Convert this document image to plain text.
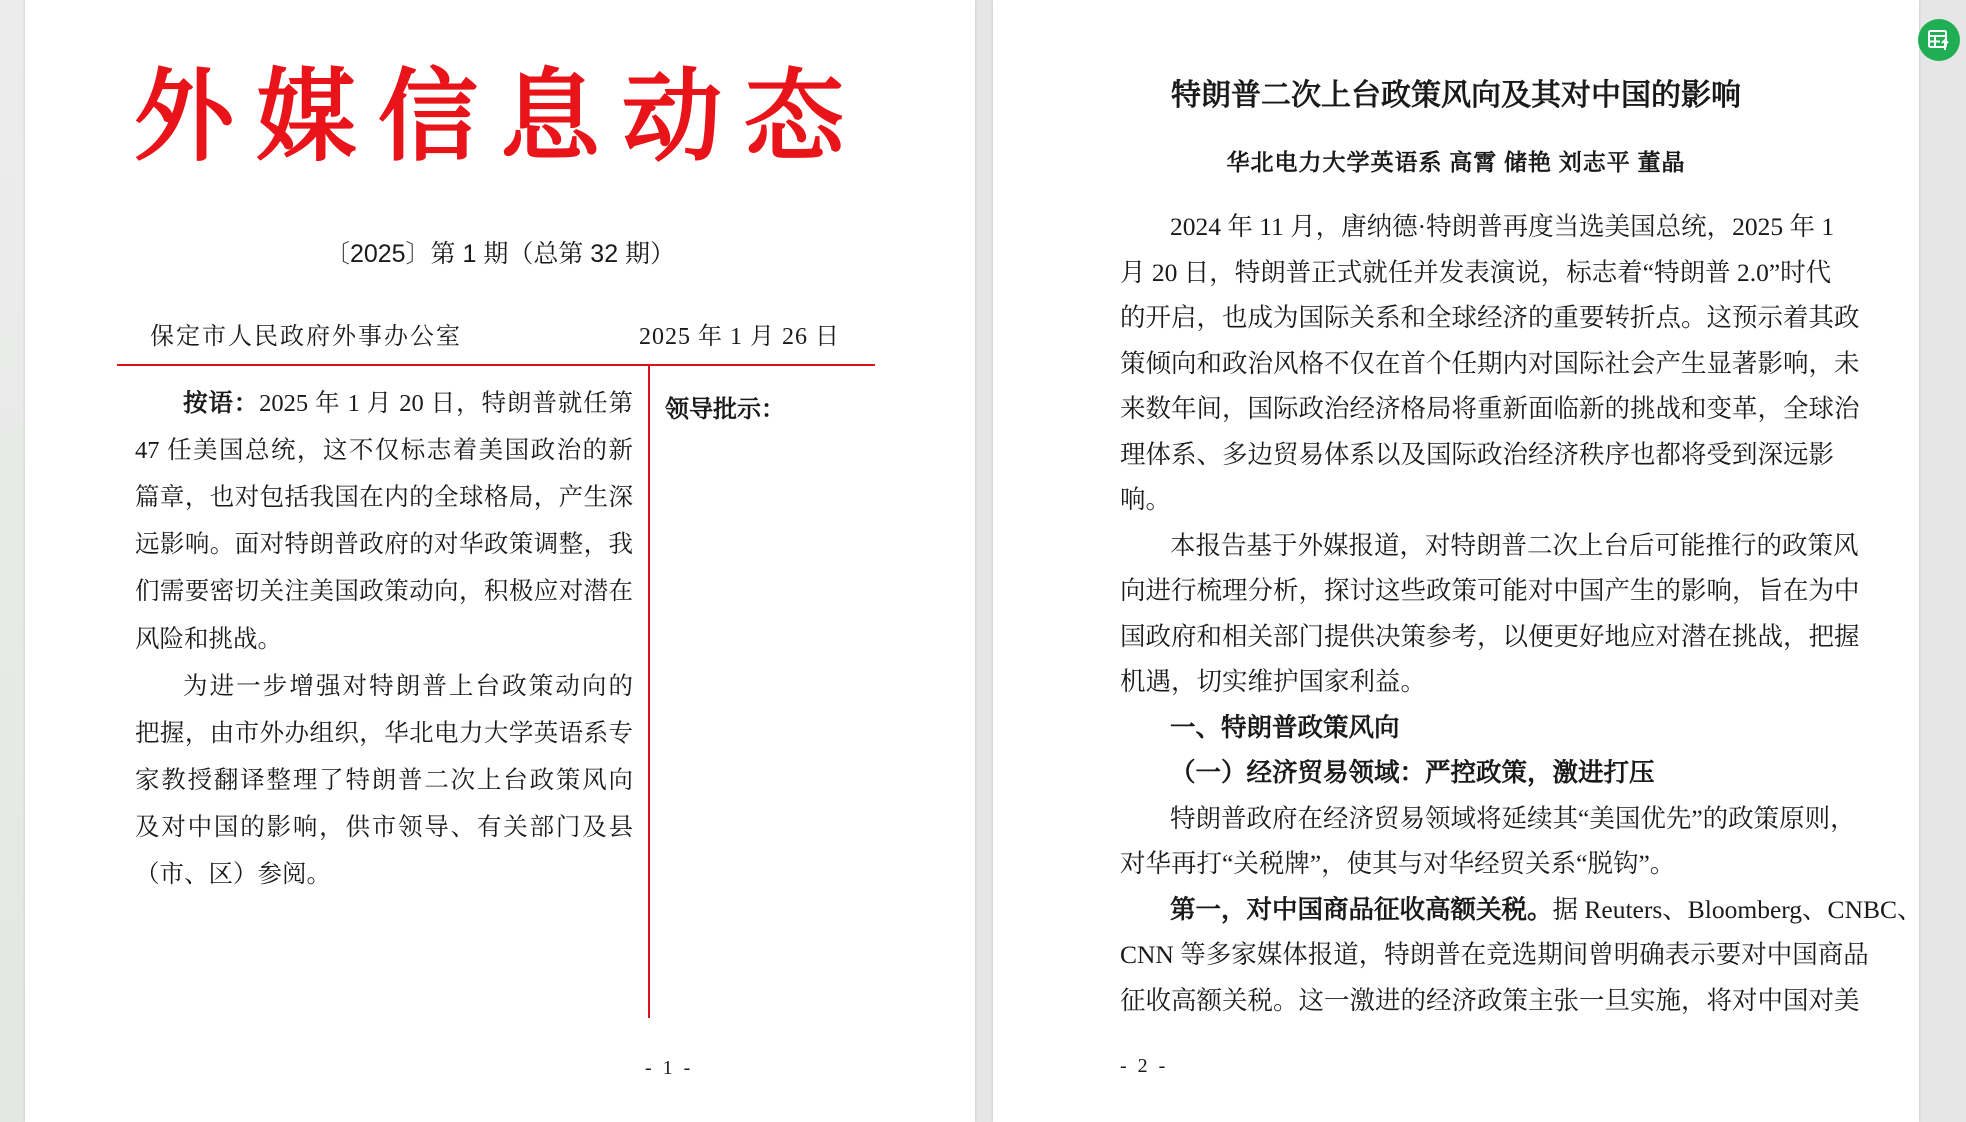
外媒信息动态
〔2025〕第 1 期（总第 32 期）
保定市人民政府外事办公室	2025 年 1 月 26 日
领导批示：
按语：2025 年 1 月 20 日，特朗普就任第
47 任美国总统，这不仅标志着美国政治的新
篇章，也对包括我国在内的全球格局，产生深
远影响。面对特朗普政府的对华政策调整，我
们需要密切关注美国政策动向，积极应对潜在
风险和挑战。
为进一步增强对特朗普上台政策动向的
把握，由市外办组织，华北电力大学英语系专
家教授翻译整理了特朗普二次上台政策风向
及对中国的影响，供市领导、有关部门及县
（市、区）参阅。
- 1 -
特朗普二次上台政策风向及其对中国的影响
华北电力大学英语系 高霄 储艳 刘志平 董晶
2024 年 11 月，唐纳德·特朗普再度当选美国总统，2025 年 1
月 20 日，特朗普正式就任并发表演说，标志着“特朗普 2.0”时代
的开启，也成为国际关系和全球经济的重要转折点。这预示着其政
策倾向和政治风格不仅在首个任期内对国际社会产生显著影响，未
来数年间，国际政治经济格局将重新面临新的挑战和变革，全球治
理体系、多边贸易体系以及国际政治经济秩序也都将受到深远影
响。
本报告基于外媒报道，对特朗普二次上台后可能推行的政策风
向进行梳理分析，探讨这些政策可能对中国产生的影响，旨在为中
国政府和相关部门提供决策参考，以便更好地应对潜在挑战，把握
机遇，切实维护国家利益。
一、特朗普政策风向
（一）经济贸易领域：严控政策，激进打压
特朗普政府在经济贸易领域将延续其“美国优先”的政策原则，
对华再打“关税牌”，使其与对华经贸关系“脱钩”。
第一，对中国商品征收高额关税。据 Reuters、Bloomberg、CNBC、
CNN 等多家媒体报道，特朗普在竞选期间曾明确表示要对中国商品
征收高额关税。这一激进的经济政策主张一旦实施，将对中国对美
- 2 -
